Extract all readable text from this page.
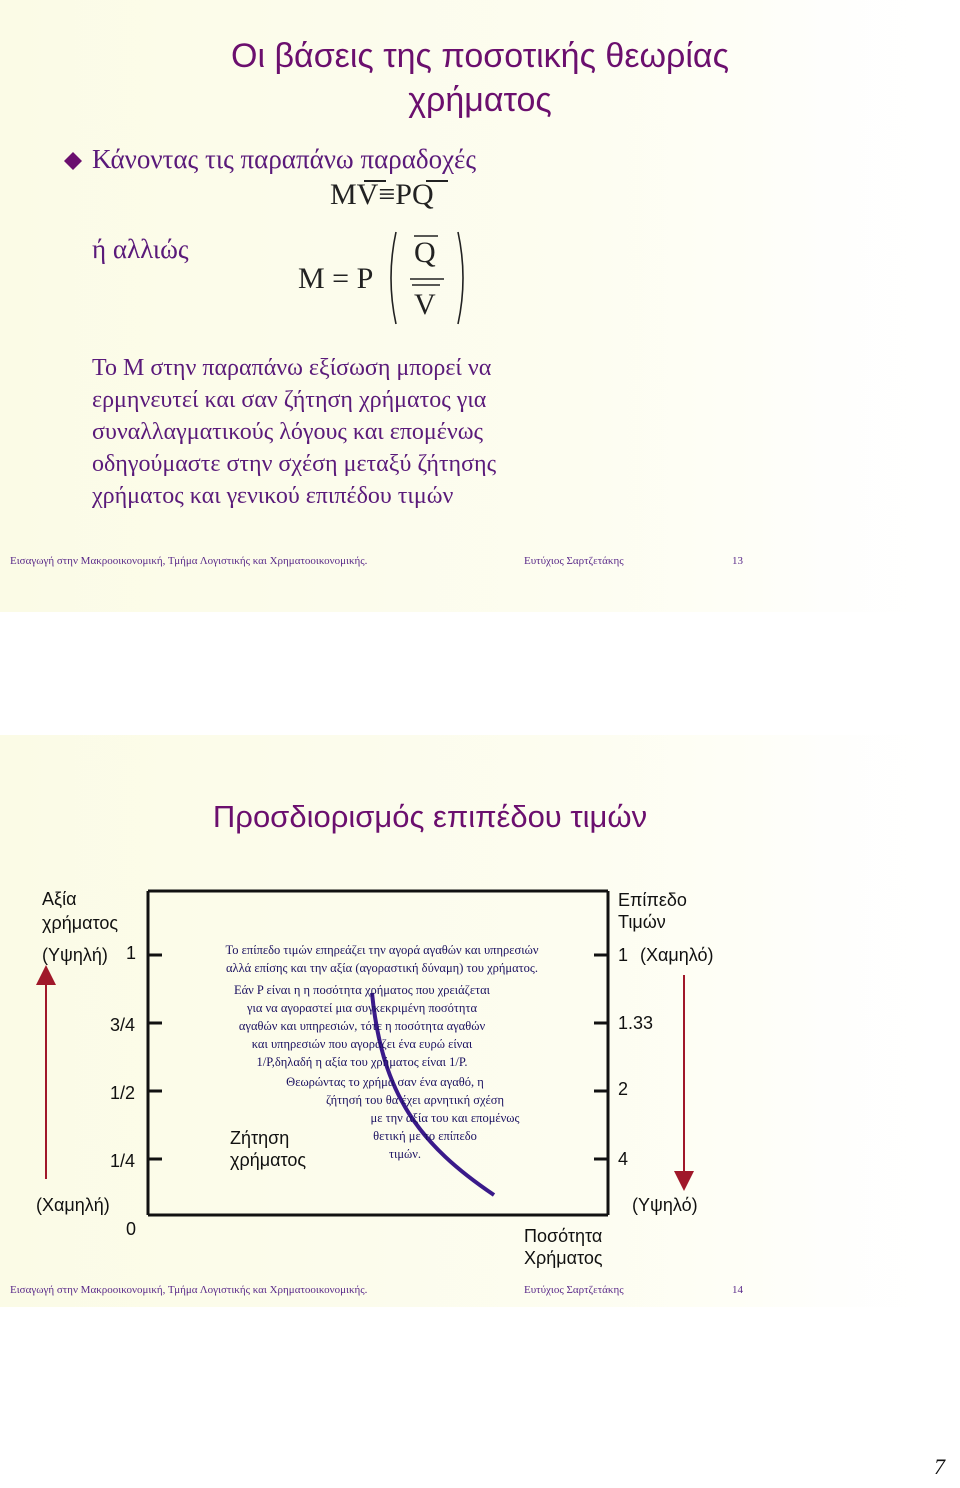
Οι βάσεις της ποσοτικής θεωρίας
χρήματος
Κάνοντας τις παραπάνω παραδοχές
MV≡PQ
ή αλλιώς
M = P
Q
V
Το Μ στην παραπάνω εξίσωση μπορεί να
ερμηνευτεί και σαν ζήτηση χρήματος για
συναλλαγματικούς λόγους και επομένως
οδηγούμαστε στην σχέση μεταξύ ζήτησης
χρήματος και γενικού επιπέδου τιμών
Εισαγωγή στην Μακροοικονομική, Τμήμα Λογιστικής και Χρηματοοικονομικής.	Ευτύχιος Σαρτζετάκης	13
Προσδιορισμός επιπέδου τιμών
Αξία
χρήματος
(Υψηλή)
(Χαμηλή)
1
3/4
1/2
1/4
0
Επίπεδο
Τιμών
(Χαμηλό)
(Υψηλό)
1
1.33
2
4
Ποσότητα
Χρήματος
Ζήτηση
χρήματος
Το επίπεδο τιμών επηρεάζει την αγορά αγαθών και υπηρεσιών
αλλά επίσης και την αξία (αγοραστική δύναμη) του χρήματος.
Εάν P είναι η η ποσότητα χρήματος που χρειάζεται
για να αγοραστεί μια συγκεκριμένη ποσότητα
αγαθών και υπηρεσιών, τότε η ποσότητα αγαθών
και υπηρεσιών που αγοράζει ένα ευρώ είναι
1/P,δηλαδή η αξία του χρήματος είναι 1/P.
Θεωρώντας το χρήμα σαν ένα αγαθό, η
ζήτησή του θα έχει αρνητική σχέση
με την αξία του και επομένως
θετική με το επίπεδο
τιμών.
Εισαγωγή στην Μακροοικονομική, Τμήμα Λογιστικής και Χρηματοοικονομικής.	Ευτύχιος Σαρτζετάκης	14
7
